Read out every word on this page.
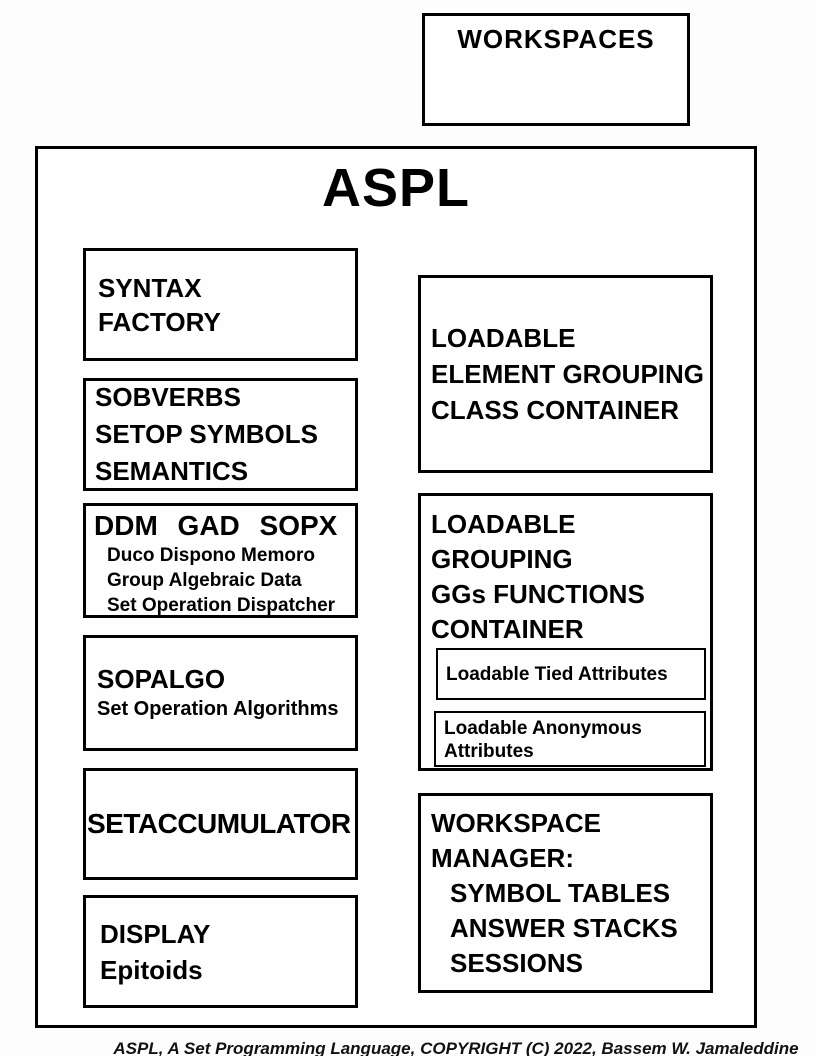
WORKSPACES
ASPL
SYNTAX
FACTORY
SOBVERBS
SETOP SYMBOLS
SEMANTICS
DDM GAD SOPX
Duco Dispono Memoro
Group Algebraic Data
Set Operation Dispatcher
SOPALGO
Set Operation Algorithms
SETACCUMULATOR
DISPLAY
Epitoids
LOADABLE
ELEMENT GROUPING
CLASS CONTAINER
LOADABLE
GROUPING
GGs FUNCTIONS
CONTAINER
Loadable Tied Attributes
Loadable Anonymous Attributes
WORKSPACE
MANAGER:
SYMBOL TABLES
ANSWER STACKS
SESSIONS
ASPL, A Set Programming Language, COPYRIGHT (C) 2022, Bassem W. Jamaleddine
